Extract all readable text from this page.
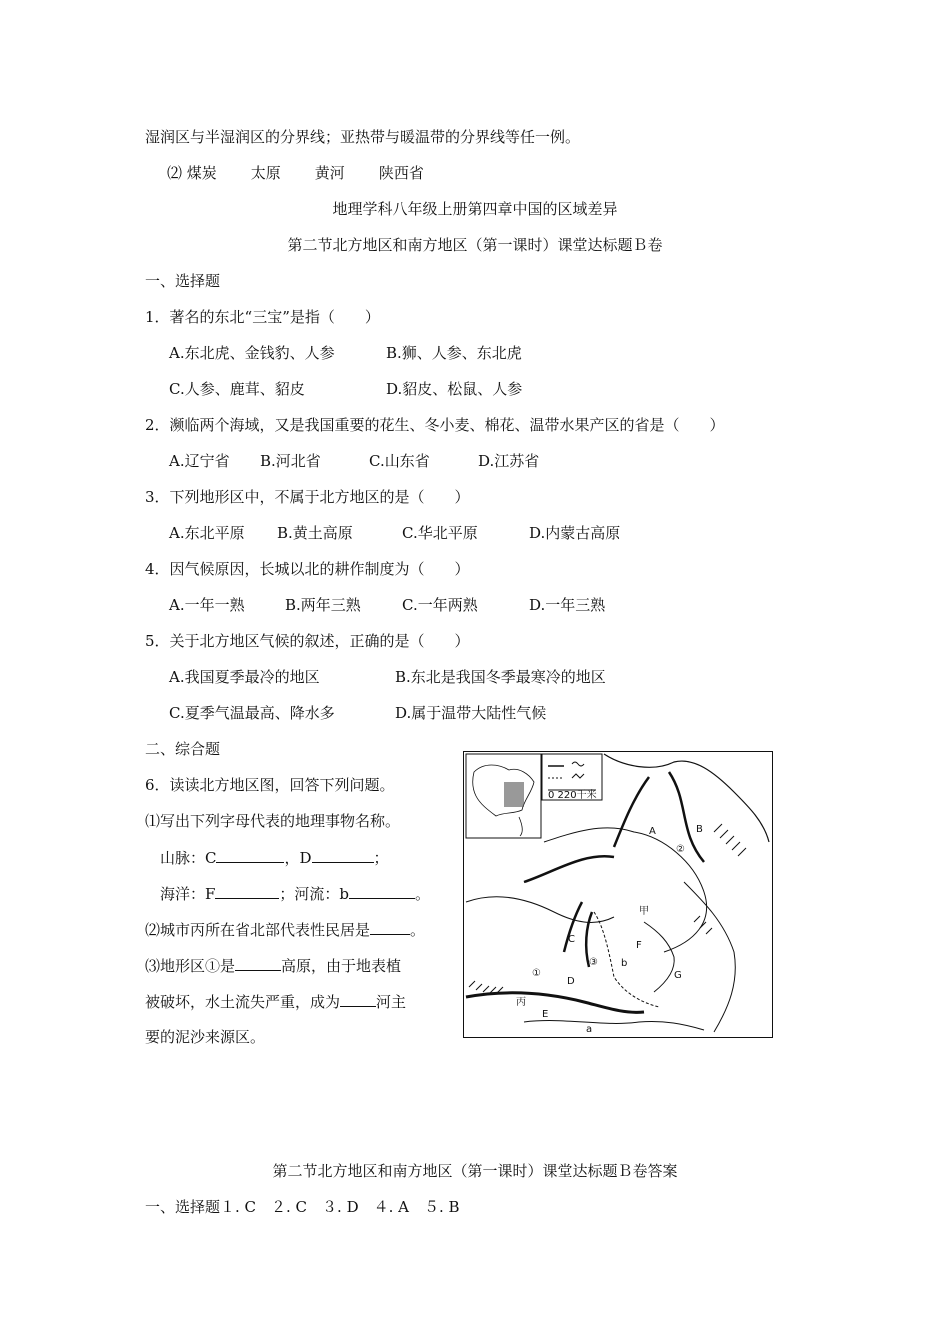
湿润区与半湿润区的分界线；亚热带与暖温带的分界线等任一例。
⑵ 煤炭 太原 黄河 陕西省
地理学科八年级上册第四章中国的区域差异
第二节北方地区和南方地区（第一课时）课堂达标题Ｂ卷
一、选择题
1．著名的东北“三宝”是指（　　）
A.东北虎、金钱豹、人参	B.狮、人参、东北虎
C.人参、鹿茸、貂皮	D.貂皮、松鼠、人参
2．濒临两个海域，又是我国重要的花生、冬小麦、棉花、温带水果产区的省是（　　）
A.辽宁省 B.河北省	C.山东省	D.江苏省
3．下列地形区中，不属于北方地区的是（　　）
A.东北平原 B.黄土高原	C.华北平原	D.内蒙古高原
4．因气候原因，长城以北的耕作制度为（　　）
A.一年一熟	B.两年三熟	C.一年两熟	D.一年三熟
5．关于北方地区气候的叙述，正确的是（　　）
A.我国夏季最冷的地区	B.东北是我国冬季最寒冷的地区
C.夏季气温最高、降水多	D.属于温带大陆性气候
二、综合题
6．读读北方地区图，回答下列问题。
⑴写出下列字母代表的地理事物名称。
山脉：C	，D	；
海洋：F	；河流：b	。
⑵城市丙所在省北部代表性民居是	。
⑶地形区①是	高原，由于地表植
被破坏，水土流失严重，成为 河主
要的泥沙来源区。
0 220千米
A	B
②
C
D
①
③
E
F
G
b
a
丙
甲
第二节北方地区和南方地区（第一课时）课堂达标题Ｂ卷答案
一、选择题１. C　２. C　３. D　４. A　５. B
